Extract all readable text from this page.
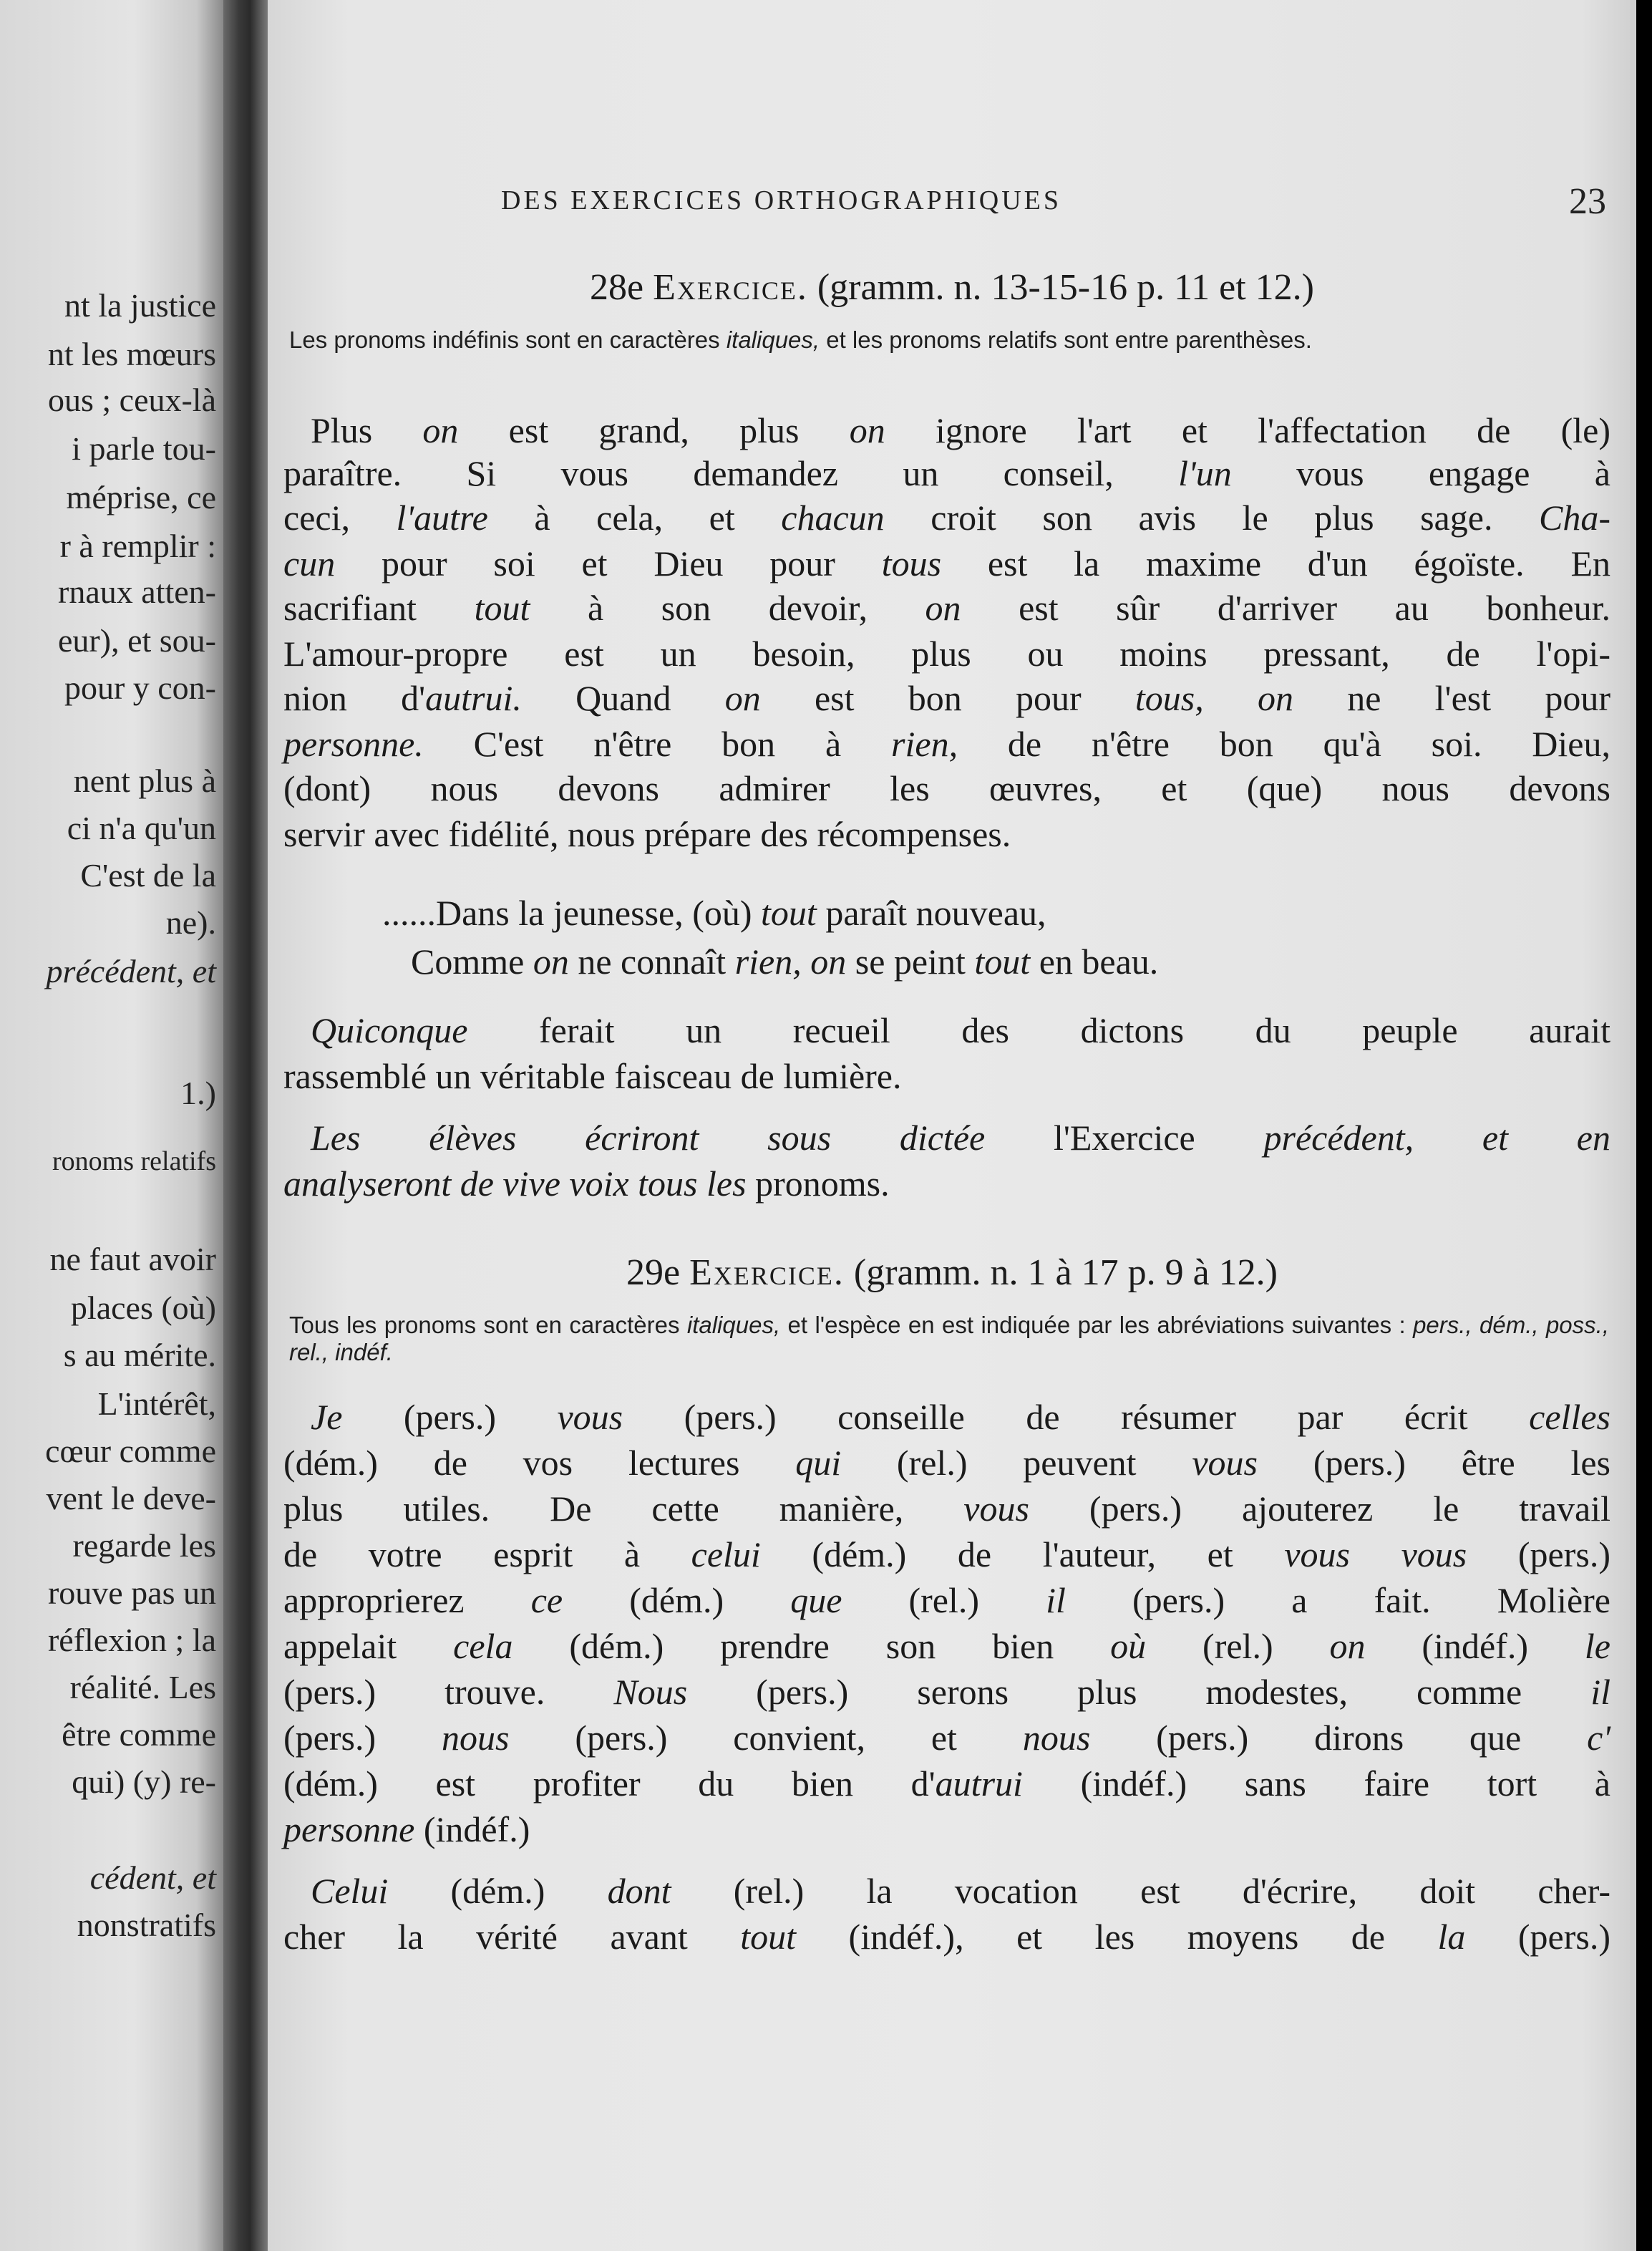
nt la justice
nt les mœurs
ous ; ceux-là
i parle tou-
méprise, ce
r à remplir :
rnaux atten-
eur), et sou-
pour y con-
nent plus à
ci n'a qu'un
C'est de la
ne).
précédent, et
1.)
ronoms relatifs
ne faut avoir
places (où)
s au mérite.
L'intérêt,
cœur comme
vent le deve-
regarde les
rouve pas un
réflexion ; la
réalité. Les
être comme
qui) (y) re-
cédent, et
nonstratifs
DES EXERCICES ORTHOGRAPHIQUES	23
28e Exercice. (gramm. n. 13-15-16 p. 11 et 12.)
Les pronoms indéfinis sont en caractères italiques, et les pronoms relatifs sont entre parenthèses.
Plus on est grand, plus on ignore l'art et l'affectation de (le)
paraître. Si vous demandez un conseil, l'un vous engage à
ceci, l'autre à cela, et chacun croit son avis le plus sage. Cha-
cun pour soi et Dieu pour tous est la maxime d'un égoïste. En
sacrifiant tout à son devoir, on est sûr d'arriver au bonheur.
L'amour-propre est un besoin, plus ou moins pressant, de l'opi-
nion d'autrui. Quand on est bon pour tous, on ne l'est pour
personne. C'est n'être bon à rien, de n'être bon qu'à soi. Dieu,
(dont) nous devons admirer les œuvres, et (que) nous devons
servir avec fidélité, nous prépare des récompenses.
......Dans la jeunesse, (où) tout paraît nouveau,
Comme on ne connaît rien, on se peint tout en beau.
Quiconque ferait un recueil des dictons du peuple aurait
rassemblé un véritable faisceau de lumière.
Les élèves écriront sous dictée l'Exercice précédent, et en
analyseront de vive voix tous les pronoms.
29e Exercice. (gramm. n. 1 à 17 p. 9 à 12.)
Tous les pronoms sont en caractères italiques, et l'espèce en est indiquée par les abréviations suivantes : pers., dém., poss., rel., indéf.
Je (pers.) vous (pers.) conseille de résumer par écrit celles
(dém.) de vos lectures qui (rel.) peuvent vous (pers.) être les
plus utiles. De cette manière, vous (pers.) ajouterez le travail
de votre esprit à celui (dém.) de l'auteur, et vous vous (pers.)
approprierez ce (dém.) que (rel.) il (pers.) a fait. Molière
appelait cela (dém.) prendre son bien où (rel.) on (indéf.) le
(pers.) trouve. Nous (pers.) serons plus modestes, comme il
(pers.) nous (pers.) convient, et nous (pers.) dirons que c'
(dém.) est profiter du bien d'autrui (indéf.) sans faire tort à
personne (indéf.)
Celui (dém.) dont (rel.) la vocation est d'écrire, doit cher-
cher la vérité avant tout (indéf.), et les moyens de la (pers.)
